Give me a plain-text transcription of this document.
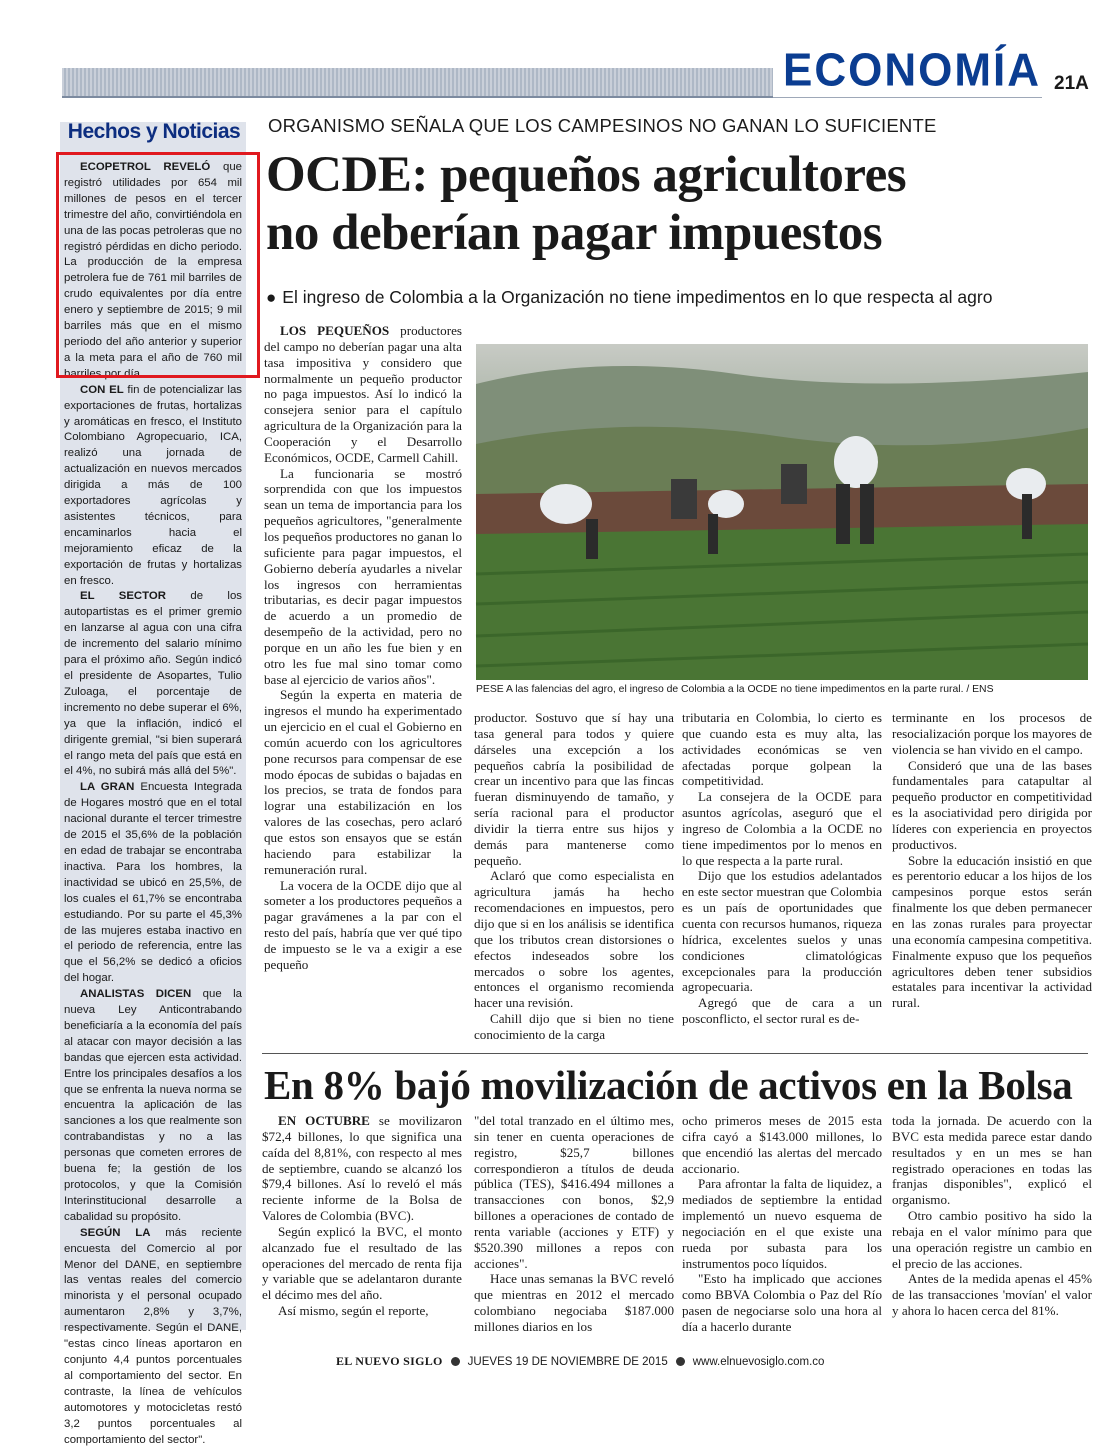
ECONOMÍA 21A
Hechos y Noticias

ECOPETROL REVELÓ que registró utilidades por 654 mil millones de pesos en el tercer trimestre del año, convirtiéndola en una de las pocas petroleras que no registró pérdidas en dicho periodo. La producción de la empresa petrolera fue de 761 mil barriles de crudo equivalentes por día entre enero y septiembre de 2015; 9 mil barriles más que en el mismo periodo del año anterior y superior a la meta para el año de 760 mil barriles por día.

CON EL fin de potencializar las exportaciones de frutas, hortalizas y aromáticas en fresco, el Instituto Colombiano Agropecuario, ICA, realizó una jornada de actualización en nuevos mercados dirigida a más de 100 exportadores agrícolas y asistentes técnicos, para encaminarlos hacia el mejoramiento eficaz de la exportación de frutas y hortalizas en fresco.

EL SECTOR de los autopartistas es el primer gremio en lanzarse al agua con una cifra de incremento del salario mínimo para el próximo año. Según indicó el presidente de Asopartes, Tulio Zuloaga, el porcentaje de incremento no debe superar el 6%, ya que la inflación, indicó el dirigente gremial, "si bien superará el rango meta del país que está en el 4%, no subirá más allá del 5%".

LA GRAN Encuesta Integrada de Hogares mostró que en el total nacional durante el tercer trimestre de 2015 el 35,6% de la población en edad de trabajar se encontraba inactiva. Para los hombres, la inactividad se ubicó en 25,5%, de los cuales el 61,7% se encontraba estudiando. Por su parte el 45,3% de las mujeres estaba inactivo en el periodo de referencia, entre las que el 56,2% se dedicó a oficios del hogar.

ANALISTAS DICEN que la nueva Ley Anticontrabando beneficiaría a la economía del país al atacar con mayor decisión a las bandas que ejercen esta actividad. Entre los principales desafíos a los que se enfrenta la nueva norma se encuentra la aplicación de las sanciones a los que realmente son contrabandistas y no a las personas que cometen errores de buena fe; la gestión de los protocolos, y que la Comisión Interinstitucional desarrolle a cabalidad su propósito.

SEGÚN LA más reciente encuesta del Comercio al por Menor del DANE, en septiembre las ventas reales del comercio minorista y el personal ocupado aumentaron 2,8% y 3,7%, respectivamente. Según el DANE, "estas cinco líneas aportaron en conjunto 4,4 puntos porcentuales al comportamiento del sector. En contraste, la línea de vehículos automotores y motocicletas restó 3,2 puntos porcentuales al comportamiento del sector".

ORGANISMO SEÑALA QUE LOS CAMPESINOS NO GANAN LO SUFICIENTE
OCDE: pequeños agricultores
no deberían pagar impuestos
● El ingreso de Colombia a la Organización no tiene impedimentos en lo que respecta al agro

LOS PEQUEÑOS productores del campo no deberían pagar una alta tasa impositiva y considero que normalmente un pequeño productor no paga impuestos. Así lo indicó la consejera senior para el capítulo agricultura de la Organización para la Cooperación y el Desarrollo Económicos, OCDE, Carmell Cahill.

La funcionaria se mostró sorprendida con que los impuestos sean un tema de importancia para los pequeños agricultores, "generalmente los pequeños productores no ganan lo suficiente para pagar impuestos, el Gobierno debería ayudarles a nivelar los ingresos con herramientas tributarias, es decir pagar impuestos de acuerdo a un promedio de desempeño de la actividad, pero no porque en un año les fue bien y en otro les fue mal sino tomar como base al ejercicio de varios años".

Según la experta en materia de ingresos el mundo ha experimentado un ejercicio en el cual el Gobierno en común acuerdo con los agricultores pone recursos para compensar de ese modo épocas de subidas o bajadas en los precios, se trata de fondos para lograr una estabilización en los valores de las cosechas, pero aclaró que estos son ensayos que se están haciendo para estabilizar la remuneración rural.

La vocera de la OCDE dijo que al someter a los productores pequeños a pagar gravámenes a la par con el resto del país, habría que ver qué tipo de impuesto se le va a exigir a ese pequeño

PESE A las falencias del agro, el ingreso de Colombia a la OCDE no tiene impedimentos en la parte rural. / ENS

productor. Sostuvo que sí hay una tasa general para todos y quiere dárseles una excepción a los pequeños cabría la posibilidad de crear un incentivo para que las fincas fueran disminuyendo de tamaño, y sería racional para el productor dividir la tierra entre sus hijos y demás para mantenerse como pequeño.

Aclaró que como especialista en agricultura jamás ha hecho recomendaciones en impuestos, pero dijo que si en los análisis se identifica que los tributos crean distorsiones o efectos indeseados sobre los mercados o sobre los agentes, entonces el organismo recomienda hacer una revisión.

Cahill dijo que si bien no tiene conocimiento de la carga

tributaria en Colombia, lo cierto es que cuando esta es muy alta, las actividades económicas se ven afectadas porque golpean la competitividad.

La consejera de la OCDE para asuntos agrícolas, aseguró que el ingreso de Colombia a la OCDE no tiene impedimentos por lo menos en lo que respecta a la parte rural.

Dijo que los estudios adelantados en este sector muestran que Colombia es un país de oportunidades que cuenta con recursos humanos, riqueza hídrica, excelentes suelos y unas condiciones climatológicas excepcionales para la producción agropecuaria.

Agregó que de cara a un posconflicto, el sector rural es de-

terminante en los procesos de resocialización porque los mayores de violencia se han vivido en el campo.

Consideró que una de las bases fundamentales para catapultar al pequeño productor en competitividad es la asociatividad pero dirigida por líderes con experiencia en proyectos productivos.

Sobre la educación insistió en que es perentorio educar a los hijos de los campesinos porque estos serán finalmente los que deben permanecer en las zonas rurales para proyectar una economía campesina competitiva. Finalmente expuso que los pequeños agricultores deben tener subsidios estatales para incentivar la actividad rural.

En 8% bajó movilización de activos en la Bolsa

EN OCTUBRE se movilizaron $72,4 billones, lo que significa una caída del 8,81%, con respecto al mes de septiembre, cuando se alcanzó los $79,4 billones. Así lo reveló el más reciente informe de la Bolsa de Valores de Colombia (BVC).

Según explicó la BVC, el monto alcanzado fue el resultado de las operaciones del mercado de renta fija y variable que se adelantaron durante el décimo mes del año.

Así mismo, según el reporte,

"del total tranzado en el último mes, sin tener en cuenta operaciones de registro, $25,7 billones correspondieron a títulos de deuda pública (TES), $416.494 millones a transacciones con bonos, $2,9 billones a operaciones de contado de renta variable (acciones y ETF) y $520.390 millones a repos con acciones".

Hace unas semanas la BVC reveló que mientras en 2012 el mercado colombiano negociaba $187.000 millones diarios en los

ocho primeros meses de 2015 esta cifra cayó a $143.000 millones, lo que encendió las alertas del mercado accionario.

Para afrontar la falta de liquidez, a mediados de septiembre la entidad implementó un nuevo esquema de negociación en el que existe una rueda por subasta para los instrumentos poco líquidos.

"Esto ha implicado que acciones como BBVA Colombia o Paz del Río pasen de negociarse solo una hora al día a hacerlo durante

toda la jornada. De acuerdo con la BVC esta medida parece estar dando resultados y en un mes se han registrado operaciones en todas las franjas disponibles", explicó el organismo.

Otro cambio positivo ha sido la rebaja en el valor mínimo para que una operación registre un cambio en el precio de las acciones.

Antes de la medida apenas el 45% de las transacciones 'movían' el valor y ahora lo hacen cerca del 81%.

EL NUEVO SIGLO JUEVES 19 DE NOVIEMBRE DE 2015 www.elnuevosiglo.com.co
